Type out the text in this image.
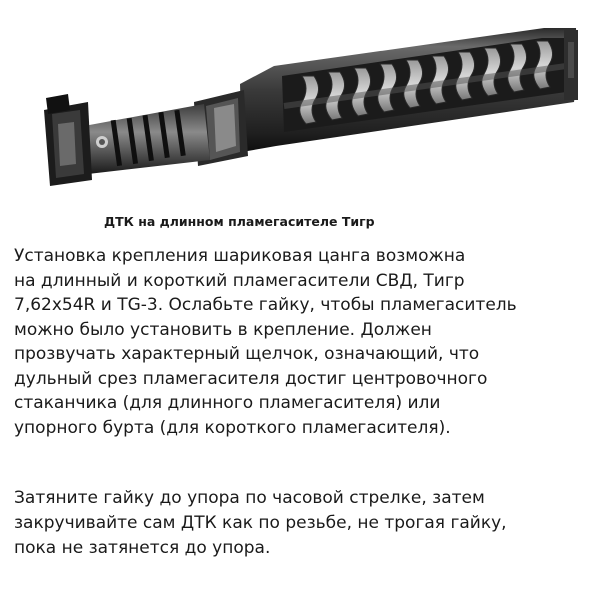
ДТК на длинном пламегасителе Тигр

Установка крепления шариковая цанга возможна
на длинный и короткий пламегасители СВД, Тигр
7,62x54R и TG-3. Ослабьте гайку, чтобы пламегаситель
можно было установить в крепление. Должен
прозвучать характерный щелчок, означающий, что
дульный срез пламегасителя достиг центровочного
стаканчика (для длинного пламегасителя) или
упорного бурта (для короткого пламегасителя).

Затяните гайку до упора по часовой стрелке, затем
закручивайте сам ДТК как по резьбе, не трогая гайку,
пока не затянется до упора.
